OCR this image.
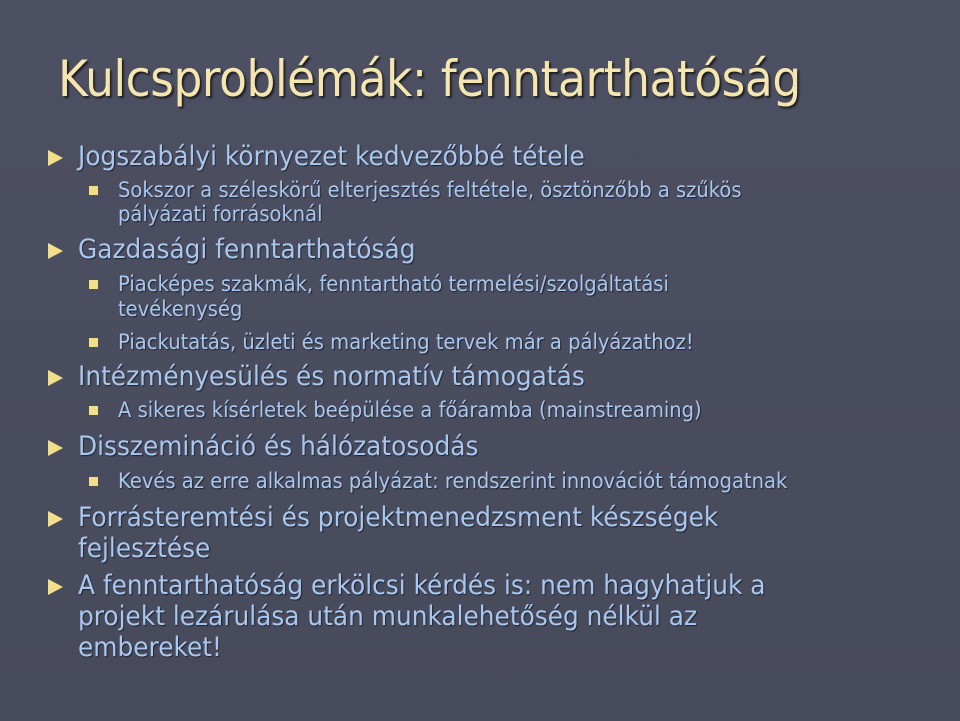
Kulcsproblémák: fenntarthatóság
Jogszabályi környezet kedvezőbbé tétele
Sokszor a széleskörű elterjesztés feltétele, ösztönzőbb a szűkös
pályázati forrásoknál
Gazdasági fenntarthatóság
Piacképes szakmák, fenntartható termelési/szolgáltatási
tevékenység
Piackutatás, üzleti és marketing tervek már a pályázathoz!
Intézményesülés és normatív támogatás
A sikeres kísérletek beépülése a főáramba (mainstreaming)
Disszemináció és hálózatosodás
Kevés az erre alkalmas pályázat: rendszerint innovációt támogatnak
Forrásteremtési és projektmenedzsment készségek
fejlesztése
A fenntarthatóság erkölcsi kérdés is: nem hagyhatjuk a
projekt lezárulása után munkalehetőség nélkül az
embereket!
